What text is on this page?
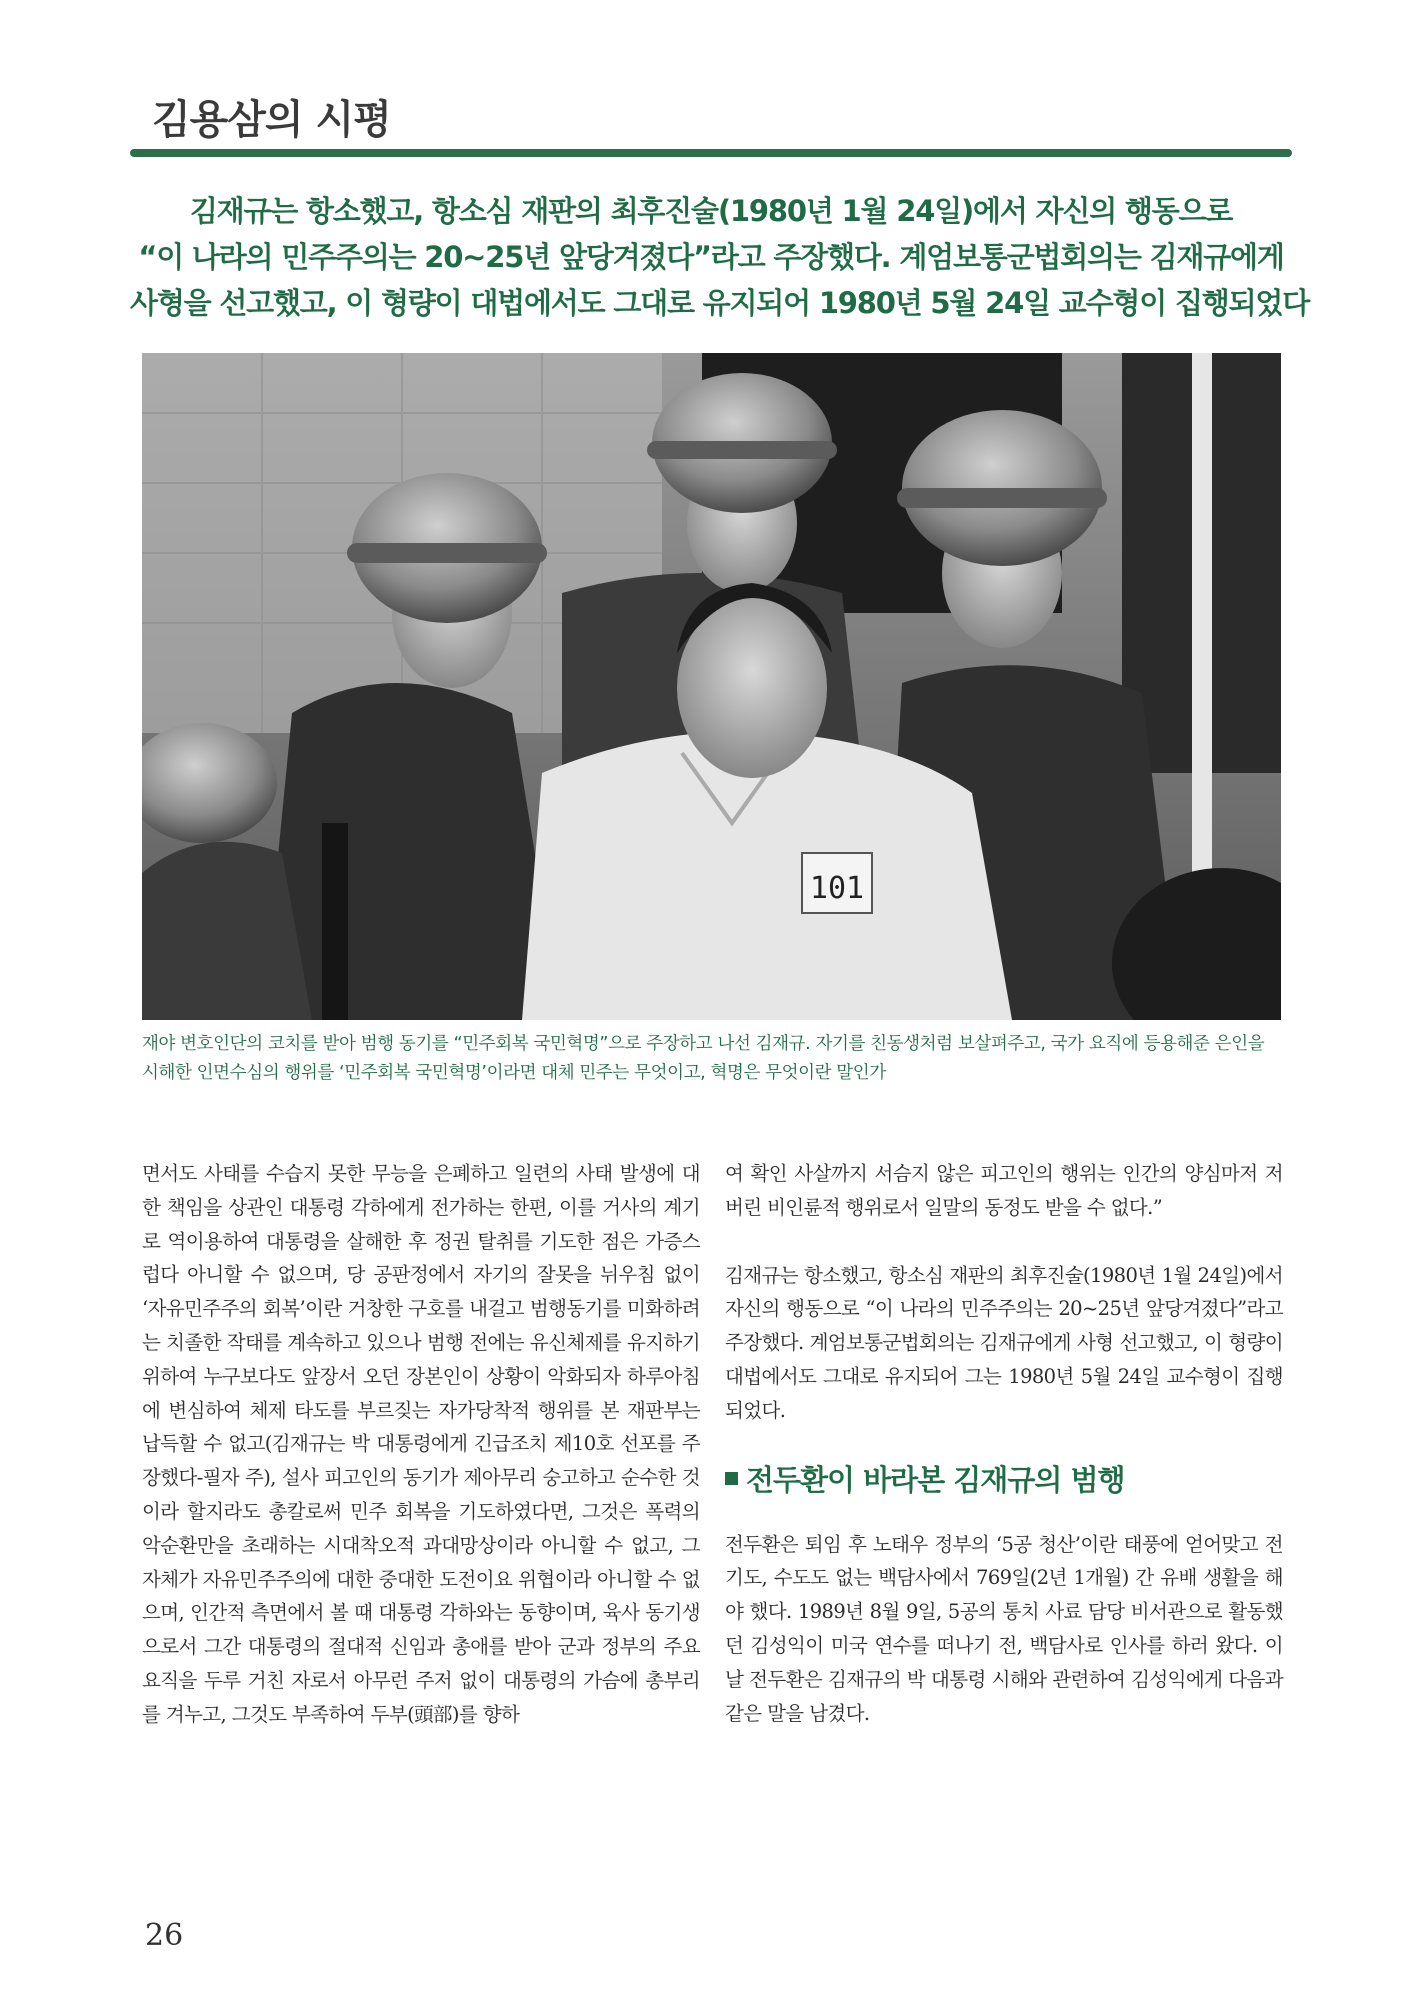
김용삼의 시평
김재규는 항소했고, 항소심 재판의 최후진술(1980년 1월 24일)에서 자신의 행동으로
“이 나라의 민주주의는 20~25년 앞당겨졌다”라고 주장했다. 계엄보통군법회의는 김재규에게
사형을 선고했고, 이 형량이 대법에서도 그대로 유지되어 1980년 5월 24일 교수형이 집행되었다
101
재야 변호인단의 코치를 받아 범행 동기를 “민주회복 국민혁명”으로 주장하고 나선 김재규. 자기를 친동생처럼 보살펴주고, 국가 요직에 등용해준 은인을 시해한 인면수심의 행위를 ‘민주회복 국민혁명’이라면 대체 민주는 무엇이고, 혁명은 무엇이란 말인가

면서도 사태를 수습지 못한 무능을 은폐하고 일련의 사태 발생에 대한 책임을 상관인 대통령 각하에게 전가하는 한편, 이를 거사의 계기로 역이용하여 대통령을 살해한 후 정권 탈취를 기도한 점은 가증스럽다 아니할 수 없으며, 당 공판정에서 자기의 잘못을 뉘우침 없이 ‘자유민주주의 회복’이란 거창한 구호를 내걸고 범행동기를 미화하려는 치졸한 작태를 계속하고 있으나 범행 전에는 유신체제를 유지하기 위하여 누구보다도 앞장서 오던 장본인이 상황이 악화되자 하루아침에 변심하여 체제 타도를 부르짖는 자가당착적 행위를 본 재판부는 납득할 수 없고(김재규는 박 대통령에게 긴급조치 제10호 선포를 주장했다-필자 주), 설사 피고인의 동기가 제아무리 숭고하고 순수한 것이라 할지라도 총칼로써 민주 회복을 기도하였다면, 그것은 폭력의 악순환만을 초래하는 시대착오적 과대망상이라 아니할 수 없고, 그 자체가 자유민주주의에 대한 중대한 도전이요 위협이라 아니할 수 없으며, 인간적 측면에서 볼 때 대통령 각하와는 동향이며, 육사 동기생으로서 그간 대통령의 절대적 신임과 총애를 받아 군과 정부의 주요 요직을 두루 거친 자로서 아무런 주저 없이 대통령의 가슴에 총부리를 겨누고, 그것도 부족하여 두부(頭部)를 향하

여 확인 사살까지 서슴지 않은 피고인의 행위는 인간의 양심마저 저버린 비인륜적 행위로서 일말의 동정도 받을 수 없다.”

김재규는 항소했고, 항소심 재판의 최후진술(1980년 1월 24일)에서 자신의 행동으로 “이 나라의 민주주의는 20~25년 앞당겨졌다”라고 주장했다. 계엄보통군법회의는 김재규에게 사형 선고했고, 이 형량이 대법에서도 그대로 유지되어 그는 1980년 5월 24일 교수형이 집행되었다.

전두환이 바라본 김재규의 범행

전두환은 퇴임 후 노태우 정부의 ‘5공 청산’이란 태풍에 얻어맞고 전기도, 수도도 없는 백담사에서 769일(2년 1개월) 간 유배 생활을 해야 했다. 1989년 8월 9일, 5공의 통치 사료 담당 비서관으로 활동했던 김성익이 미국 연수를 떠나기 전, 백담사로 인사를 하러 왔다. 이날 전두환은 김재규의 박 대통령 시해와 관련하여 김성익에게 다음과 같은 말을 남겼다.

26
